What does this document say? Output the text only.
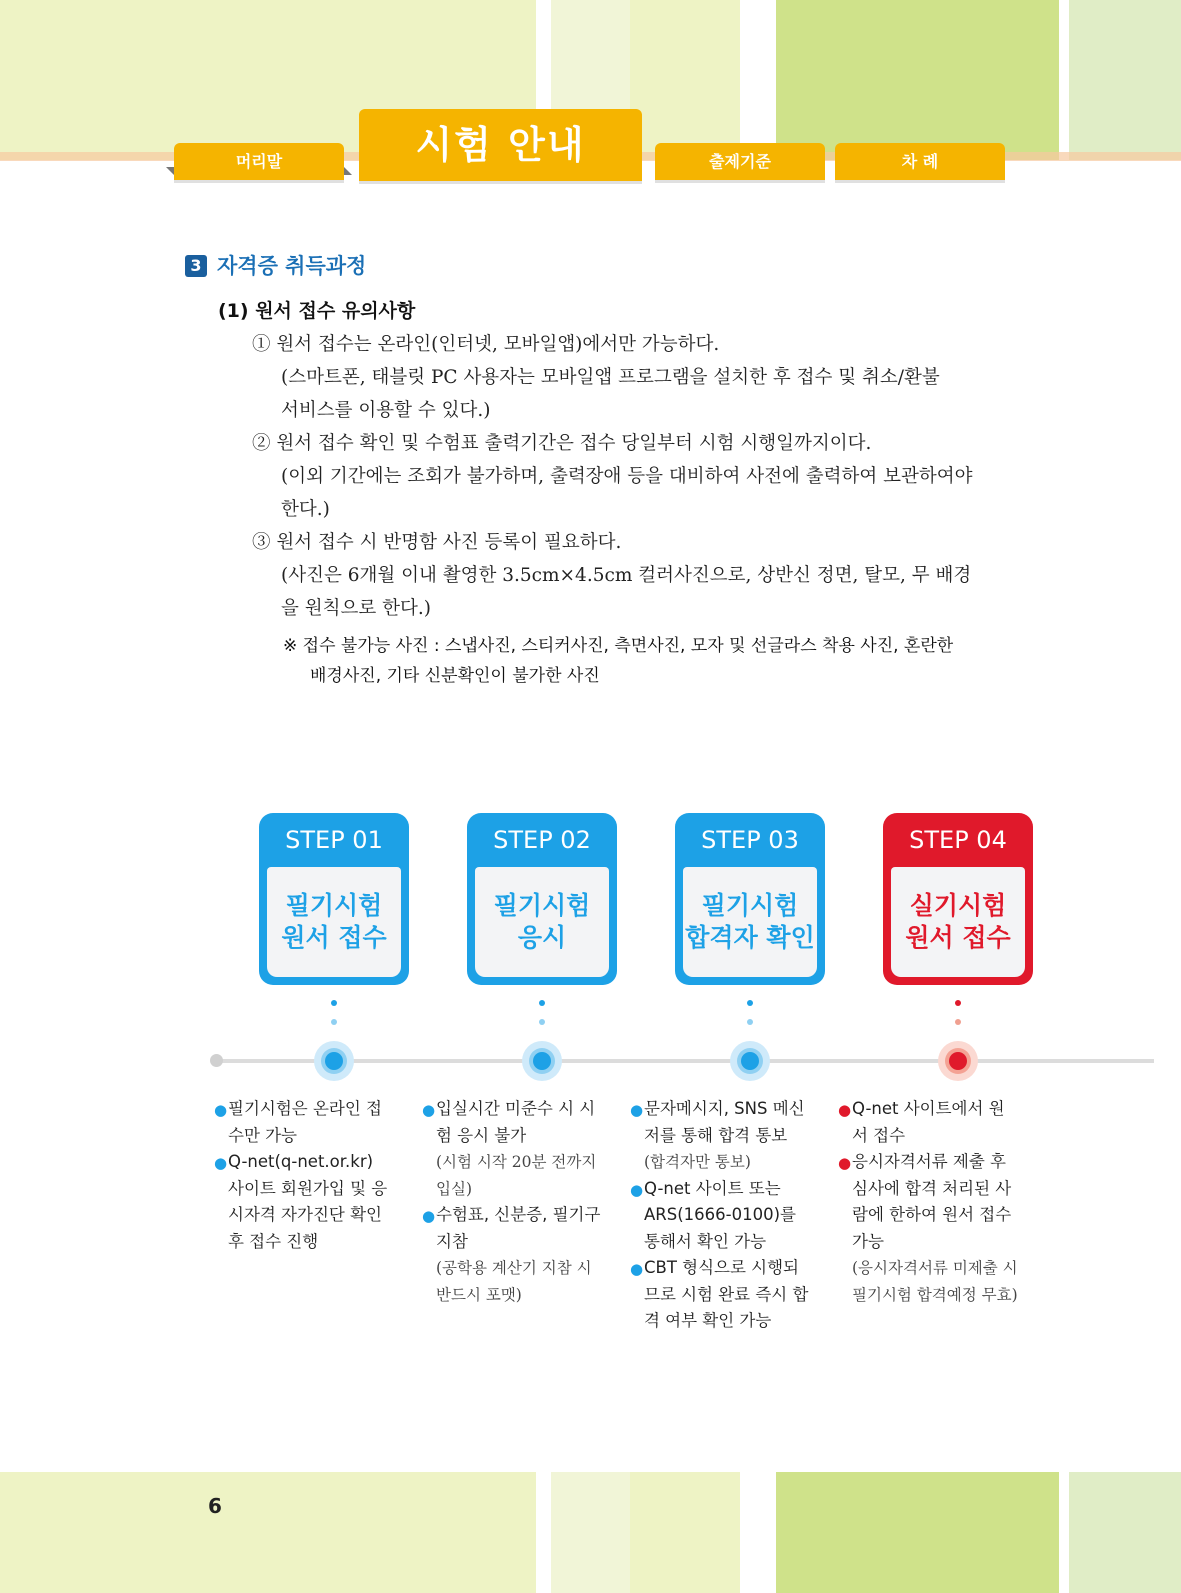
머리말	시험 안내	출제기준	차 례
3 자격증 취득과정
(1) 원서 접수 유의사항

① 원서 접수는 온라인(인터넷, 모바일앱)에서만 가능하다.

(스마트폰, 태블릿 PC 사용자는 모바일앱 프로그램을 설치한 후 접수 및 취소/환불

서비스를 이용할 수 있다.)

② 원서 접수 확인 및 수험표 출력기간은 접수 당일부터 시험 시행일까지이다.

(이외 기간에는 조회가 불가하며, 출력장애 등을 대비하여 사전에 출력하여 보관하여야

한다.)

③ 원서 접수 시 반명함 사진 등록이 필요하다.

(사진은 6개월 이내 촬영한 3.5cm×4.5cm 컬러사진으로, 상반신 정면, 탈모, 무 배경

을 원칙으로 한다.)

※ 접수 불가능 사진 : 스냅사진, 스티커사진, 측면사진, 모자 및 선글라스 착용 사진, 혼란한
배경사진, 기타 신분확인이 불가한 사진
STEP 01
필기시험
원서 접수
STEP 02
필기시험
응시
STEP 03
필기시험
합격자 확인
STEP 04
실기시험
원서 접수

● 필기시험은 온라인 접수만 가능

● Q-net(q-net.or.kr) 사이트 회원가입 및 응시자격 자가진단 확인 후 접수 진행

● 입실시간 미준수 시 시험 응시 불가

(시험 시작 20분 전까지 입실)

● 수험표, 신분증, 필기구 지참

(공학용 계산기 지참 시 반드시 포맷)

● 문자메시지, SNS 메신저를 통해 합격 통보

(합격자만 통보)

● Q-net 사이트 또는 ARS(1666-0100)를 통해서 확인 가능

● CBT 형식으로 시행되므로 시험 완료 즉시 합격 여부 확인 가능

● Q-net 사이트에서 원서 접수

● 응시자격서류 제출 후 심사에 합격 처리된 사람에 한하여 원서 접수 가능

(응시자격서류 미제출 시 필기시험 합격예정 무효)

6
